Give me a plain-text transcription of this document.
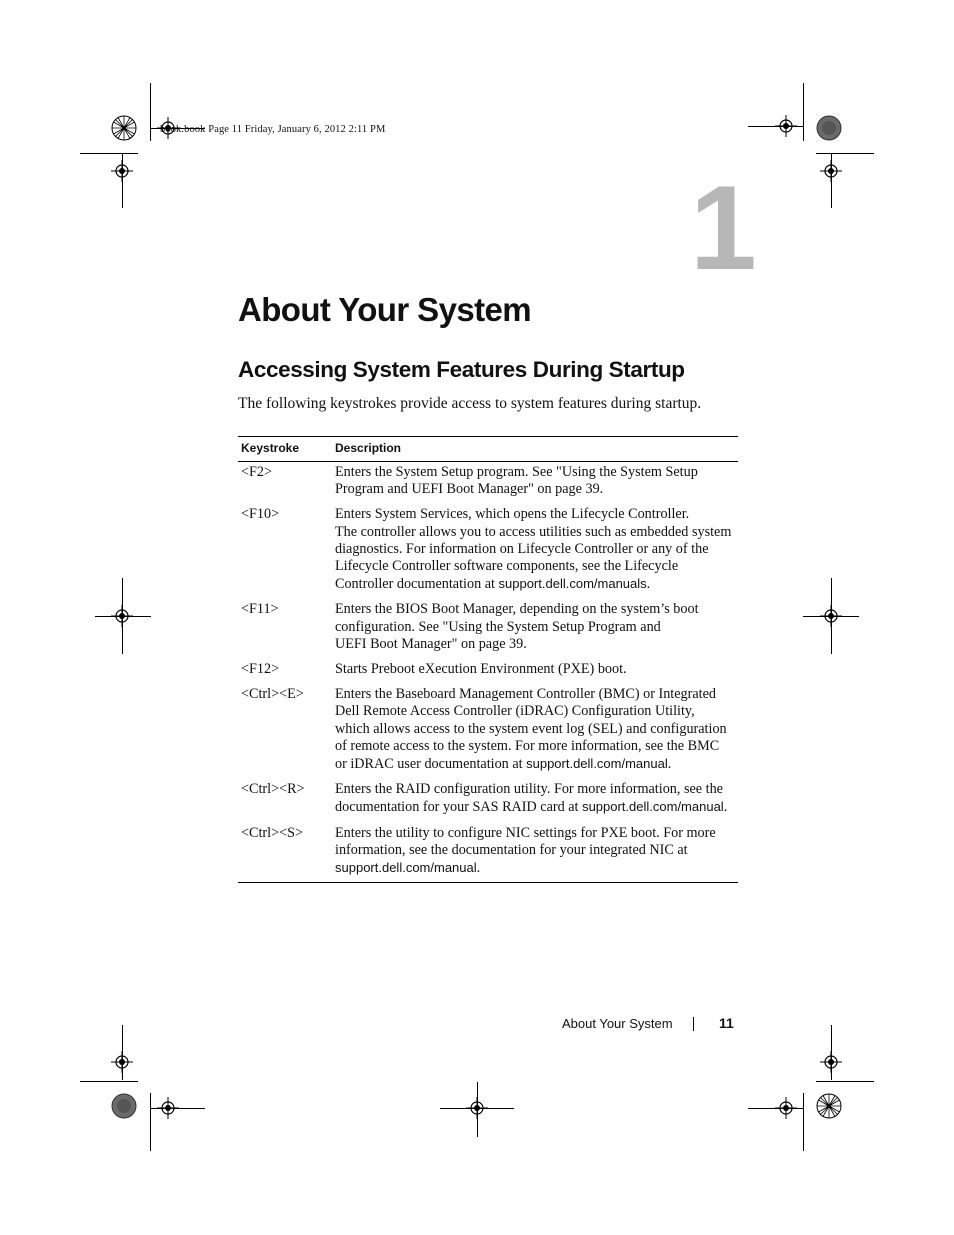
book.book Page 11 Friday, January 6, 2012 2:11 PM
1
About Your System
Accessing System Features During Startup

The following keystrokes provide access to system features during startup.

Keystroke	Description
<F2>	Enters the System Setup program. See "Using the System Setup
Program and UEFI Boot Manager" on page 39.

<F10>	Enters System Services, which opens the Lifecycle Controller.
The controller allows you to access utilities such as embedded system
diagnostics. For information on Lifecycle Controller or any of the
Lifecycle Controller software components, see the Lifecycle
Controller documentation at support.dell.com/manuals.

<F11>	Enters the BIOS Boot Manager, depending on the system’s boot
configuration. See "Using the System Setup Program and
UEFI Boot Manager" on page 39.

<F12>	Starts Preboot eXecution Environment (PXE) boot.

<Ctrl><E>	Enters the Baseboard Management Controller (BMC) or Integrated
Dell Remote Access Controller (iDRAC) Configuration Utility,
which allows access to the system event log (SEL) and configuration
of remote access to the system. For more information, see the BMC
or iDRAC user documentation at support.dell.com/manual.

<Ctrl><R>	Enters the RAID configuration utility. For more information, see the
documentation for your SAS RAID card at support.dell.com/manual.

<Ctrl><S>	Enters the utility to configure NIC settings for PXE boot. For more
information, see the documentation for your integrated NIC at
support.dell.com/manual.
About Your System	11
